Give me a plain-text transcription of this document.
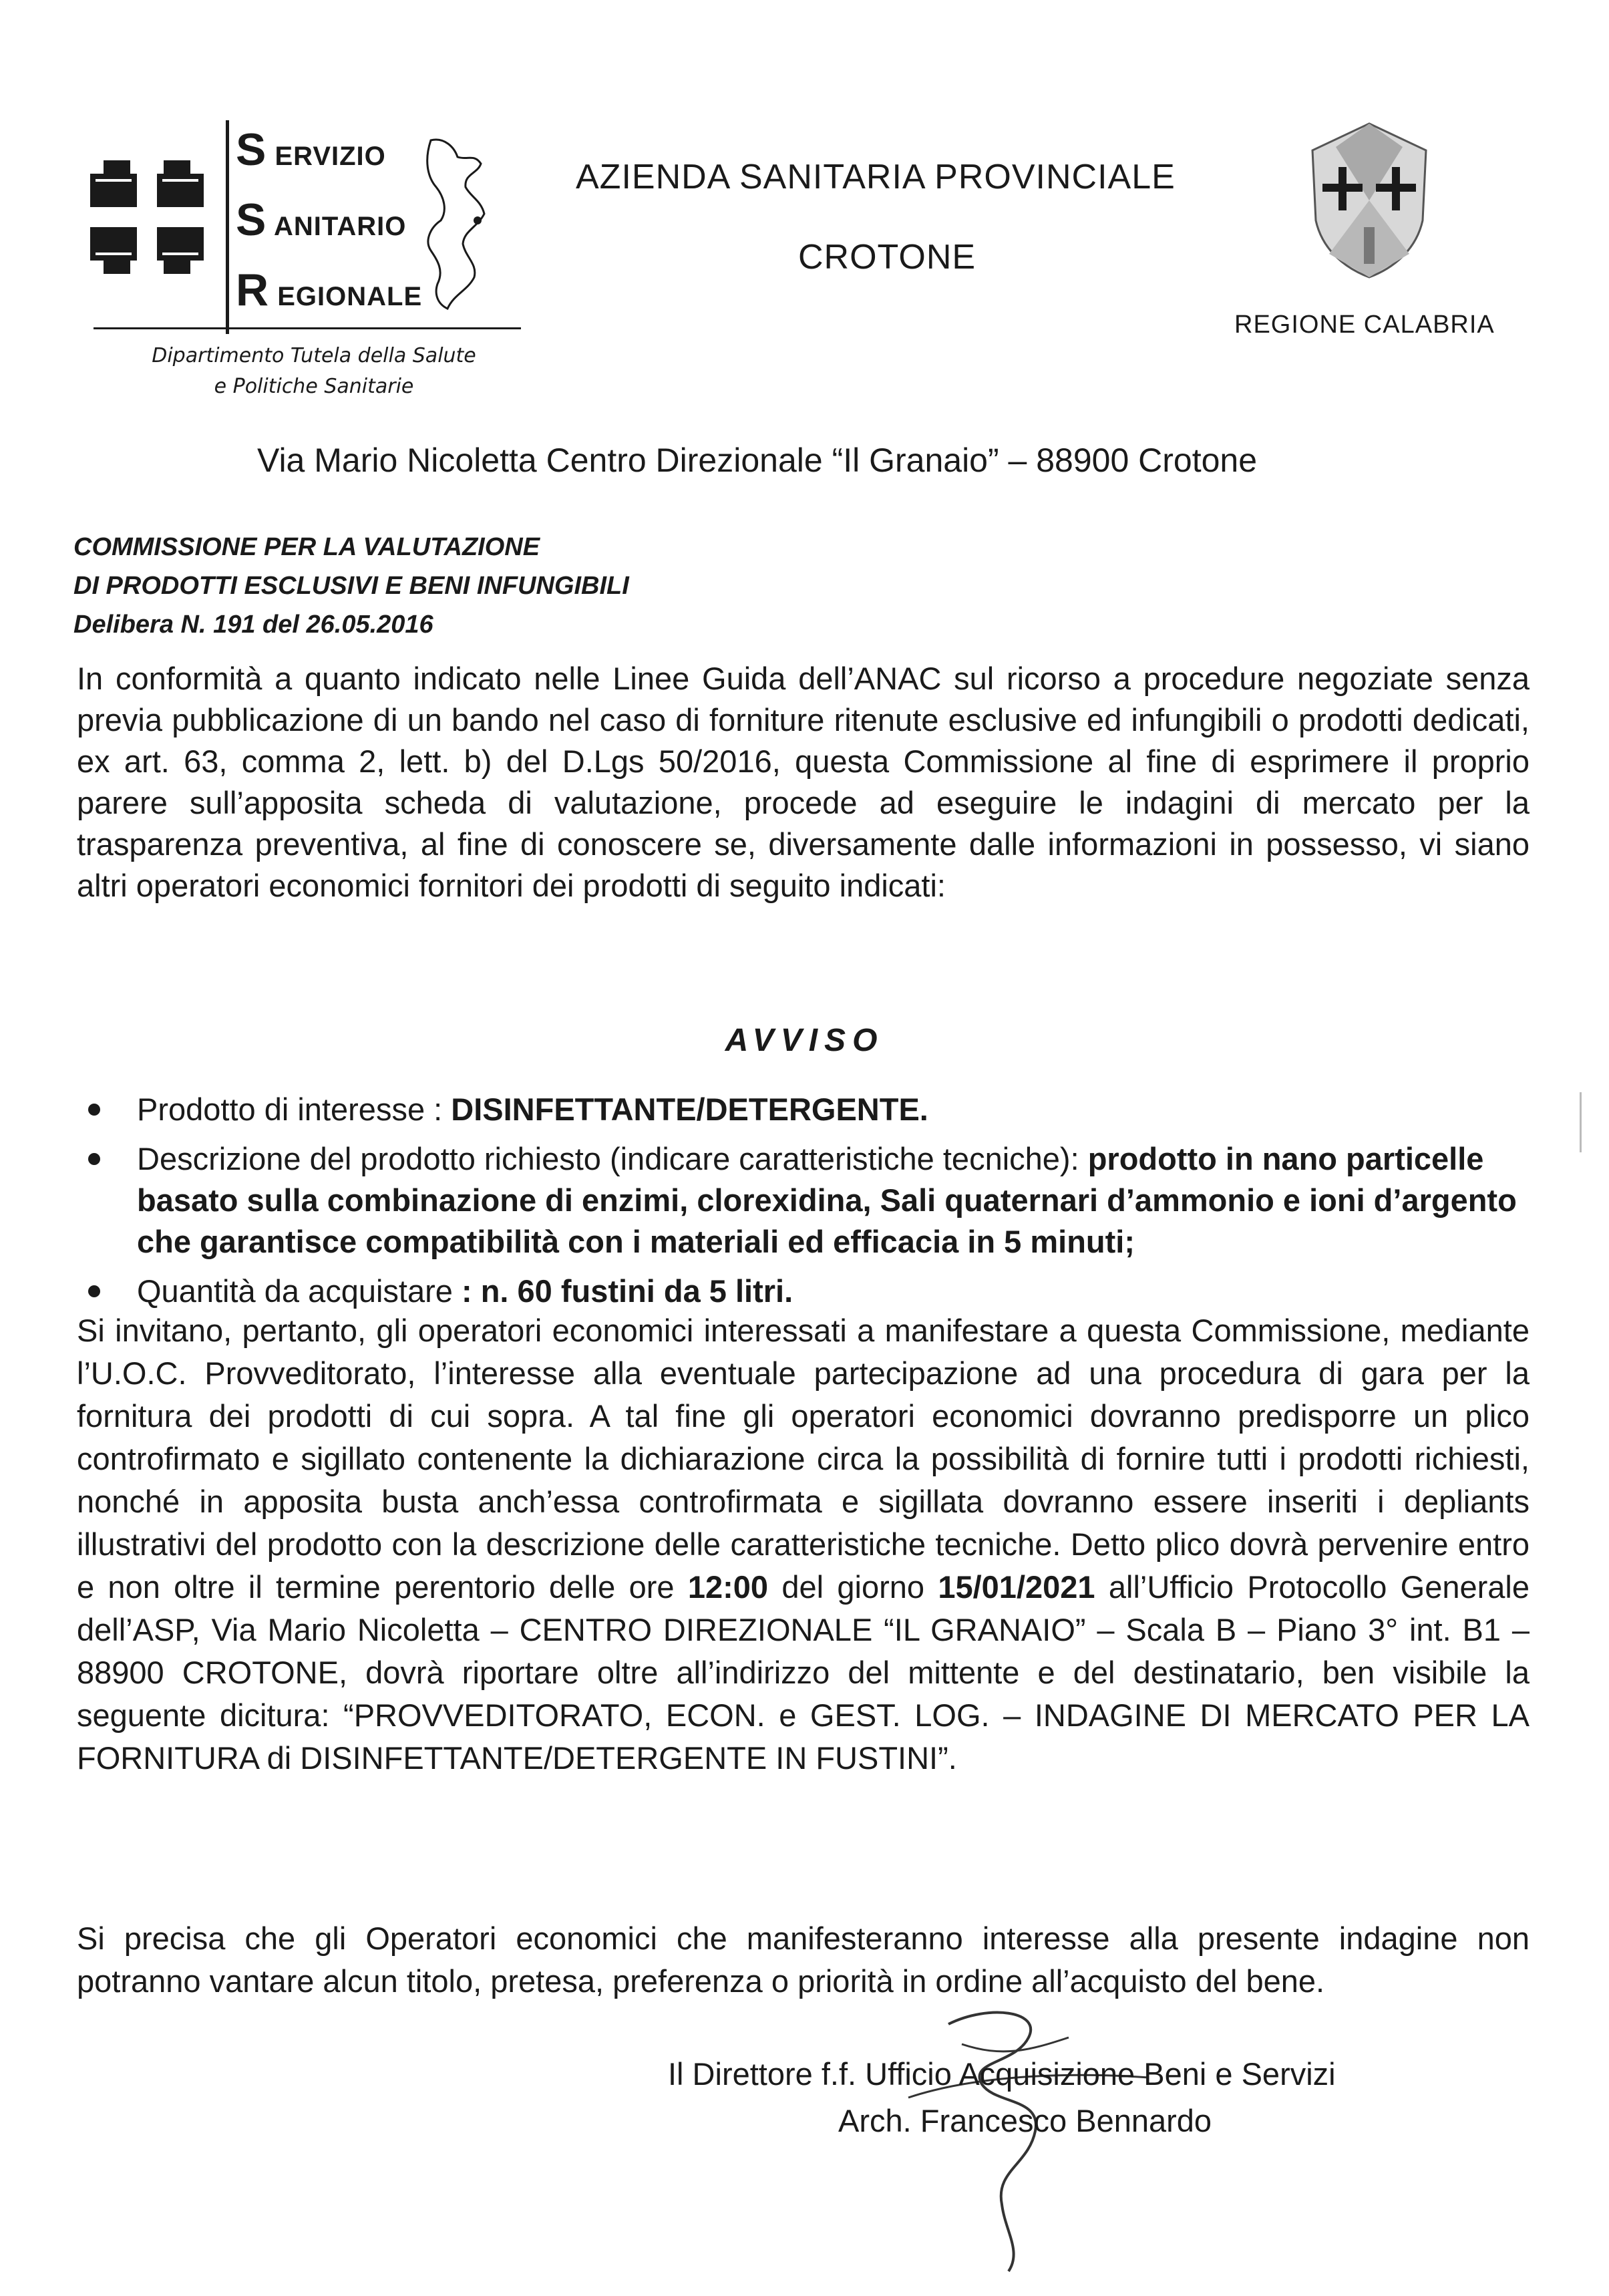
S ERVIZIO
S ANITARIO
R EGIONALE
Dipartimento Tutela della Salute
e Politiche Sanitarie
AZIENDA SANITARIA PROVINCIALE
CROTONE
REGIONE CALABRIA
Via Mario Nicoletta Centro Direzionale “Il Granaio” – 88900 Crotone
COMMISSIONE PER LA VALUTAZIONE
DI PRODOTTI ESCLUSIVI E BENI INFUNGIBILI
Delibera N. 191 del 26.05.2016
In conformità a quanto indicato nelle Linee Guida dell’ANAC sul ricorso a procedure negoziate senza previa pubblicazione di un bando nel caso di forniture ritenute esclusive ed infungibili o prodotti dedicati, ex art. 63, comma 2, lett. b) del D.Lgs 50/2016, questa Commissione al fine di esprimere il proprio parere sull’apposita scheda di valutazione, procede ad eseguire le indagini di mercato per la trasparenza preventiva, al fine di conoscere se, diversamente dalle informazioni in possesso, vi siano altri operatori economici fornitori dei prodotti di seguito indicati:
AVVISO
Prodotto di interesse : DISINFETTANTE/DETERGENTE.
Descrizione del prodotto richiesto (indicare caratteristiche tecniche): prodotto in nano particelle basato sulla combinazione di enzimi, clorexidina, Sali quaternari d’ammonio e ioni d’argento che garantisce compatibilità con i materiali ed efficacia in 5 minuti;
Quantità da acquistare : n. 60 fustini da 5 litri.
Si invitano, pertanto, gli operatori economici interessati a manifestare a questa Commissione, mediante l’U.O.C. Provveditorato, l’interesse alla eventuale partecipazione ad una procedura di gara per la fornitura dei prodotti di cui sopra. A tal fine gli operatori economici dovranno predisporre un plico controfirmato e sigillato contenente la dichiarazione circa la possibilità di fornire tutti i prodotti richiesti, nonché in apposita busta anch’essa controfirmata e sigillata dovranno essere inseriti i depliants illustrativi del prodotto con la descrizione delle caratteristiche tecniche. Detto plico dovrà pervenire entro e non oltre il termine perentorio delle ore 12:00 del giorno 15/01/2021 all’Ufficio Protocollo Generale dell’ASP, Via Mario Nicoletta – CENTRO DIREZIONALE “IL GRANAIO” – Scala B – Piano 3° int. B1 – 88900 CROTONE, dovrà riportare oltre all’indirizzo del mittente e del destinatario, ben visibile la seguente dicitura: “PROVVEDITORATO, ECON. e GEST. LOG. – INDAGINE DI MERCATO PER LA FORNITURA di DISINFETTANTE/DETERGENTE IN FUSTINI”.
Si precisa che gli Operatori economici che manifesteranno interesse alla presente indagine non potranno vantare alcun titolo, pretesa, preferenza o priorità in ordine all’acquisto del bene.
Il Direttore f.f. Ufficio Acquisizione Beni e Servizi
Arch. Francesco Bennardo
